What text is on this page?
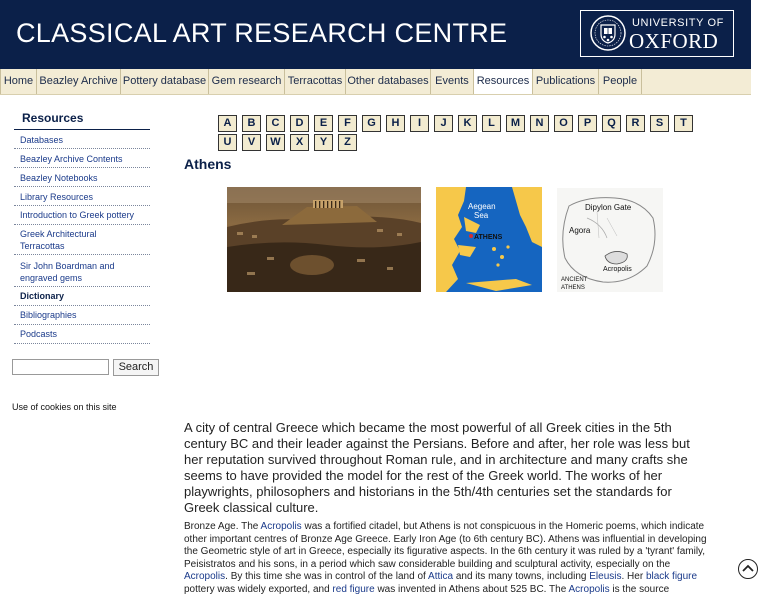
CLASSICAL ART RESEARCH CENTRE	UNIVERSITY OF
OXFORD
Home Beazley Archive Pottery database Gem research Terracottas Other databases Events Resources Publications People
Resources
Databases
Beazley Archive Contents
Beazley Notebooks
Library Resources
Introduction to Greek pottery
Greek Architectural Terracottas
Sir John Boardman and engraved gems
Dictionary
Bibliographies
Podcasts
Search
Use of cookies on this site
A	B	C	D	E	F	G	H	I	J	K	L	M	N	O	P	Q	R	S	T
U	V	W	X	Y	Z
Athens
Aegean
Sea
ATHENS
Dipylon Gate
Agora
Acropolis
ANCIENT
ATHENS
A city of central Greece which became the most powerful of all Greek cities in the 5th century BC and their leader against the Persians. Before and after, her role was less but her reputation survived throughout Roman rule, and in architecture and many crafts she seems to have provided the model for the rest of the Greek world. The works of her playwrights, philosophers and historians in the 5th/4th centuries set the standards for Greek classical culture.
Bronze Age. The Acropolis was a fortified citadel, but Athens is not conspicuous in the Homeric poems, which indicate other important centres of Bronze Age Greece. Early Iron Age (to 6th century BC). Athens was influential in developing the Geometric style of art in Greece, especially its figurative aspects. In the 6th century it was ruled by a 'tyrant' family, Peisistratos and his sons, in a period which saw considerable building and sculptural activity, especially on the Acropolis. By this time she was in control of the land of Attica and its many towns, including Eleusis. Her black figure pottery was widely exported, and red figure was invented in Athens about 525 BC. The Acropolis is the source
